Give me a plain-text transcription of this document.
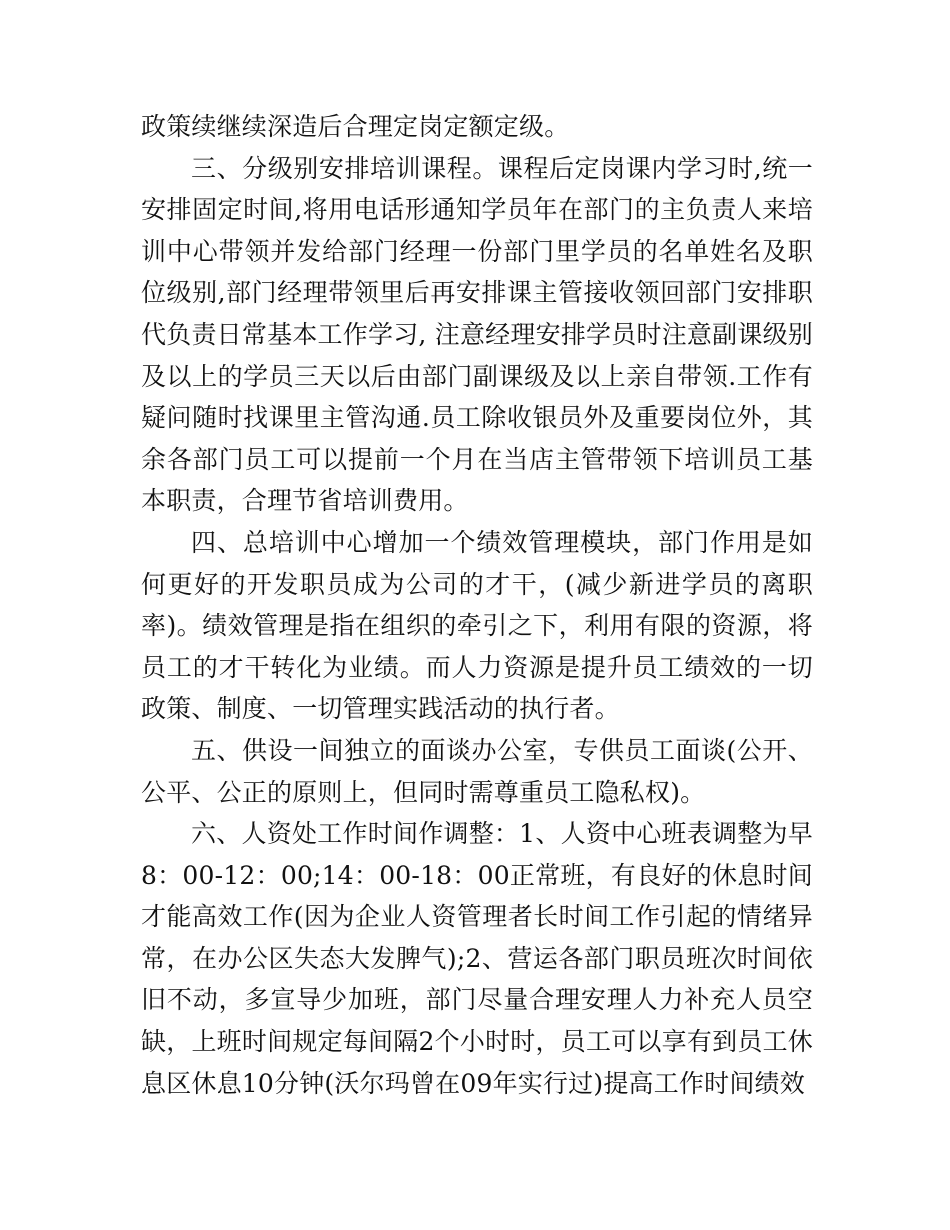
政策续继续深造后合理定岗定额定级。

三、分级别安排培训课程。课程后定岗课内学习时,统一安排固定时间,将用电话形通知学员年在部门的主负责人来培训中心带领并发给部门经理一份部门里学员的名单姓名及职位级别,部门经理带领里后再安排课主管接收领回部门安排职代负责日常基本工作学习, 注意经理安排学员时注意副课级别及以上的学员三天以后由部门副课级及以上亲自带领.工作有疑问随时找课里主管沟通.员工除收银员外及重要岗位外，其余各部门员工可以提前一个月在当店主管带领下培训员工基本职责，合理节省培训费用。

四、总培训中心增加一个绩效管理模块，部门作用是如何更好的开发职员成为公司的才干，(减少新进学员的离职率)。绩效管理是指在组织的牵引之下，利用有限的资源，将员工的才干转化为业绩。而人力资源是提升员工绩效的一切政策、制度、一切管理实践活动的执行者。

五、供设一间独立的面谈办公室，专供员工面谈(公开、公平、公正的原则上，但同时需尊重员工隐私权)。

六、人资处工作时间作调整：1、人资中心班表调整为早8：00-12：00;14：00-18：00正常班，有良好的休息时间才能高效工作(因为企业人资管理者长时间工作引起的情绪异常，在办公区失态大发脾气);2、营运各部门职员班次时间依旧不动，多宣导少加班，部门尽量合理安理人力补充人员空缺，上班时间规定每间隔2个小时时，员工可以享有到员工休息区休息10分钟(沃尔玛曾在09年实行过)提高工作时间绩效
